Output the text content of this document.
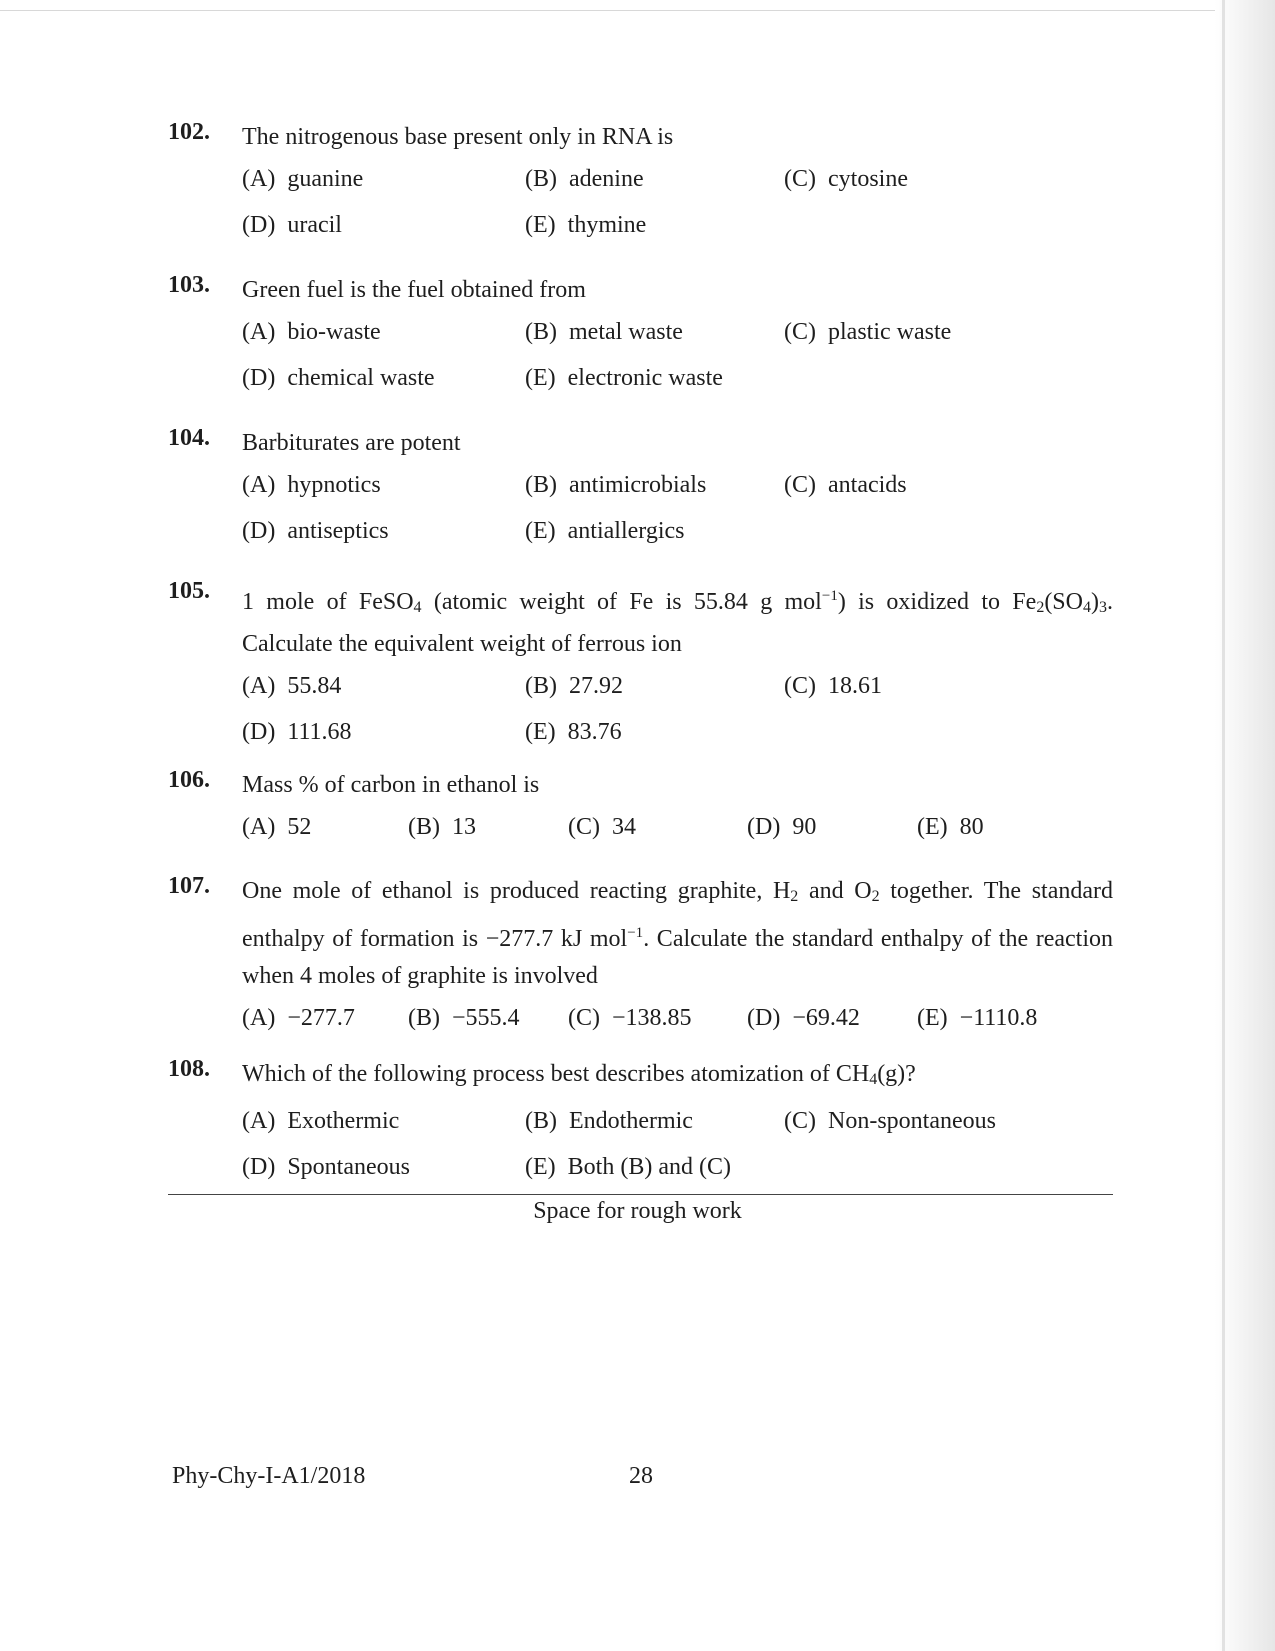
102. The nitrogenous base present only in RNA is
(A) guanine	(B) adenine	(C) cytosine
(D) uracil	(E) thymine
103. Green fuel is the fuel obtained from
(A) bio-waste	(B) metal waste	(C) plastic waste
(D) chemical waste	(E) electronic waste
104. Barbiturates are potent
(A) hypnotics	(B) antimicrobials	(C) antacids
(D) antiseptics	(E) antiallergics
105. 1 mole of FeSO4 (atomic weight of Fe is 55.84 g mol$^{-1}$) is oxidized to Fe2(SO4)3. Calculate the equivalent weight of ferrous ion
(A) 55.84	(B) 27.92	(C) 18.61
(D) 111.68	(E) 83.76
106. Mass % of carbon in ethanol is
(A) 52	(B) 13	(C) 34	(D) 90	(E) 80
107. One mole of ethanol is produced reacting graphite, H2 and O2 together. The standard enthalpy of formation is −277.7 kJ mol$^{-1}$. Calculate the standard enthalpy of the reaction when 4 moles of graphite is involved
(A) −277.7 (B) −555.4 (C) −138.85 (D) −69.42 (E) −1110.8
108. Which of the following process best describes atomization of CH4(g)?
(A) Exothermic	(B) Endothermic	(C) Non-spontaneous
(D) Spontaneous	(E) Both (B) and (C)
Space for rough work
Phy-Chy-I-A1/2018	28
